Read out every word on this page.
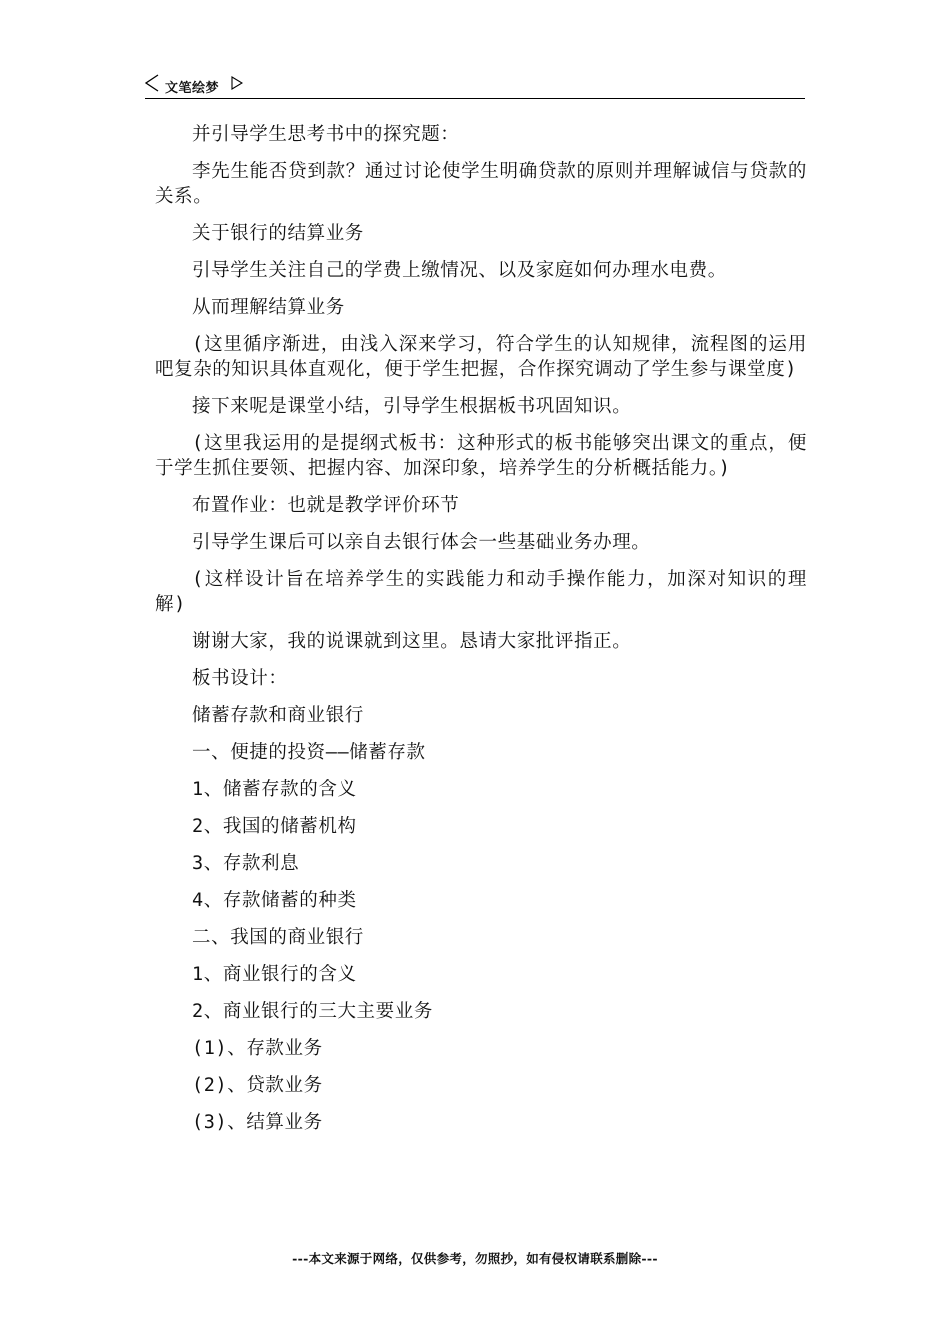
文笔绘梦

并引导学生思考书中的探究题：

李先生能否贷到款？通过讨论使学生明确贷款的原则并理解诚信与贷款的关系。

关于银行的结算业务

引导学生关注自己的学费上缴情况、以及家庭如何办理水电费。

从而理解结算业务

(这里循序渐进，由浅入深来学习，符合学生的认知规律，流程图的运用吧复杂的知识具体直观化，便于学生把握，合作探究调动了学生参与课堂度)

接下来呢是课堂小结，引导学生根据板书巩固知识。

(这里我运用的是提纲式板书：这种形式的板书能够突出课文的重点，便于学生抓住要领、把握内容、加深印象，培养学生的分析概括能力。)

布置作业：也就是教学评价环节

引导学生课后可以亲自去银行体会一些基础业务办理。

(这样设计旨在培养学生的实践能力和动手操作能力，加深对知识的理解)

谢谢大家，我的说课就到这里。恳请大家批评指正。

板书设计：

储蓄存款和商业银行

一、便捷的投资——储蓄存款

1、储蓄存款的含义

2、我国的储蓄机构

3、存款利息

4、存款储蓄的种类

二、我国的商业银行

1、商业银行的含义

2、商业银行的三大主要业务

(1)、存款业务

(2)、贷款业务

(3)、结算业务

---本文来源于网络，仅供参考，勿照抄，如有侵权请联系删除---
